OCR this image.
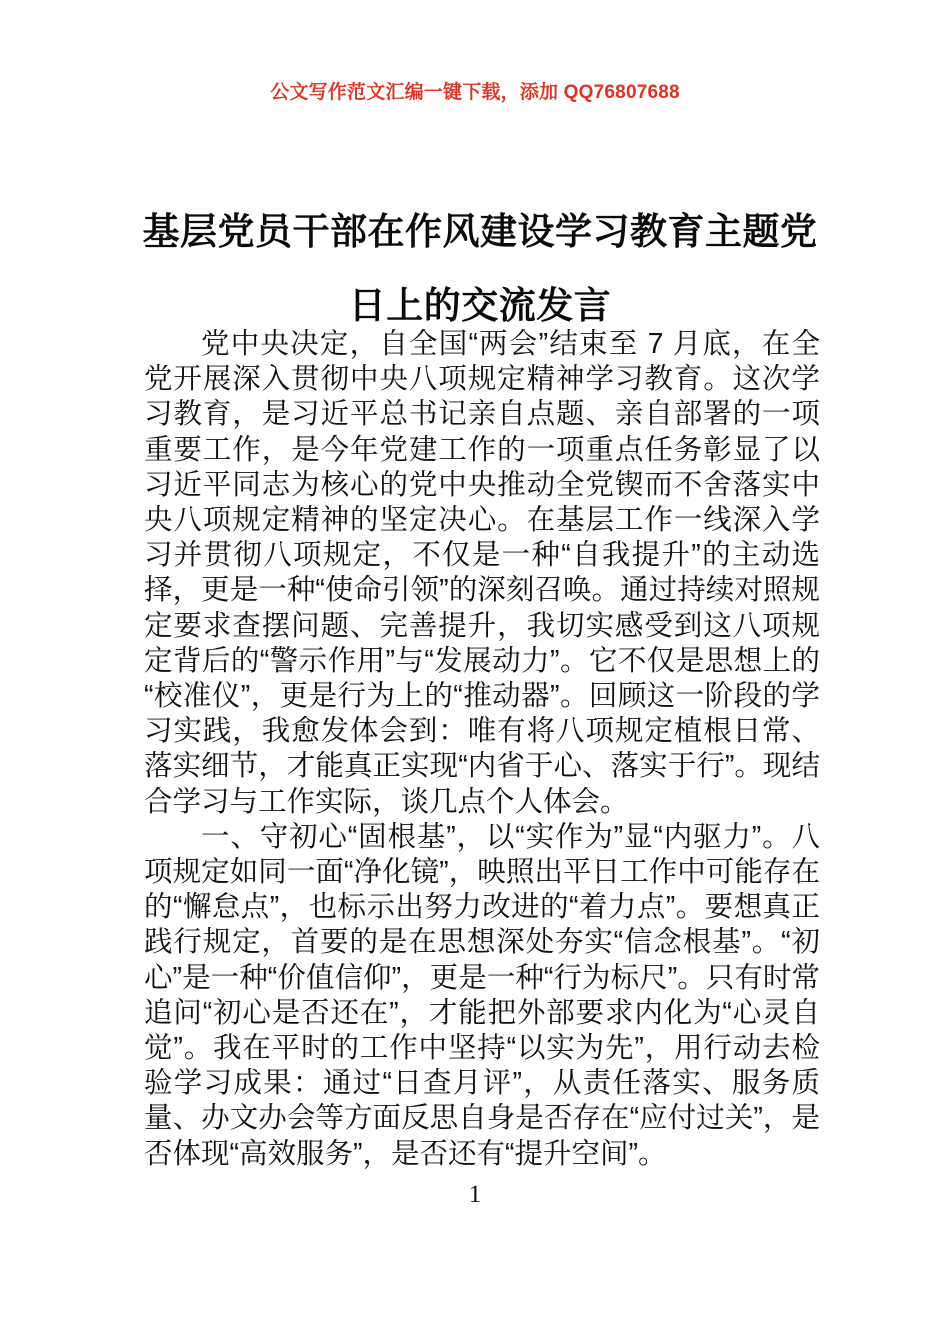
公文写作范文汇编一键下载，添加 QQ76807688
基层党员干部在作风建设学习教育主题党日上的交流发言

党中央决定，自全国“两会”结束至 7 月底，在全党开展深入贯彻中央八项规定精神学习教育。这次学习教育，是习近平总书记亲自点题、亲自部署的一项重要工作，是今年党建工作的一项重点任务彰显了以习近平同志为核心的党中央推动全党锲而不舍落实中央八项规定精神的坚定决心。在基层工作一线深入学习并贯彻八项规定，不仅是一种“自我提升”的主动选择，更是一种“使命引领”的深刻召唤。通过持续对照规定要求查摆问题、完善提升，我切实感受到这八项规定背后的“警示作用”与“发展动力”。它不仅是思想上的“校准仪”，更是行为上的“推动器”。回顾这一阶段的学习实践，我愈发体会到：唯有将八项规定植根日常、落实细节，才能真正实现“内省于心、落实于行”。现结合学习与工作实际，谈几点个人体会。

一、守初心“固根基”，以“实作为”显“内驱力”。八项规定如同一面“净化镜”，映照出平日工作中可能存在的“懈怠点”，也标示出努力改进的“着力点”。要想真正践行规定，首要的是在思想深处夯实“信念根基”。“初心”是一种“价值信仰”，更是一种“行为标尺”。只有时常追问“初心是否还在”，才能把外部要求内化为“心灵自觉”。我在平时的工作中坚持“以实为先”，用行动去检验学习成果：通过“日查月评”，从责任落实、服务质量、办文办会等方面反思自身是否存在“应付过关”，是否体现“高效服务”，是否还有“提升空间”。

1
